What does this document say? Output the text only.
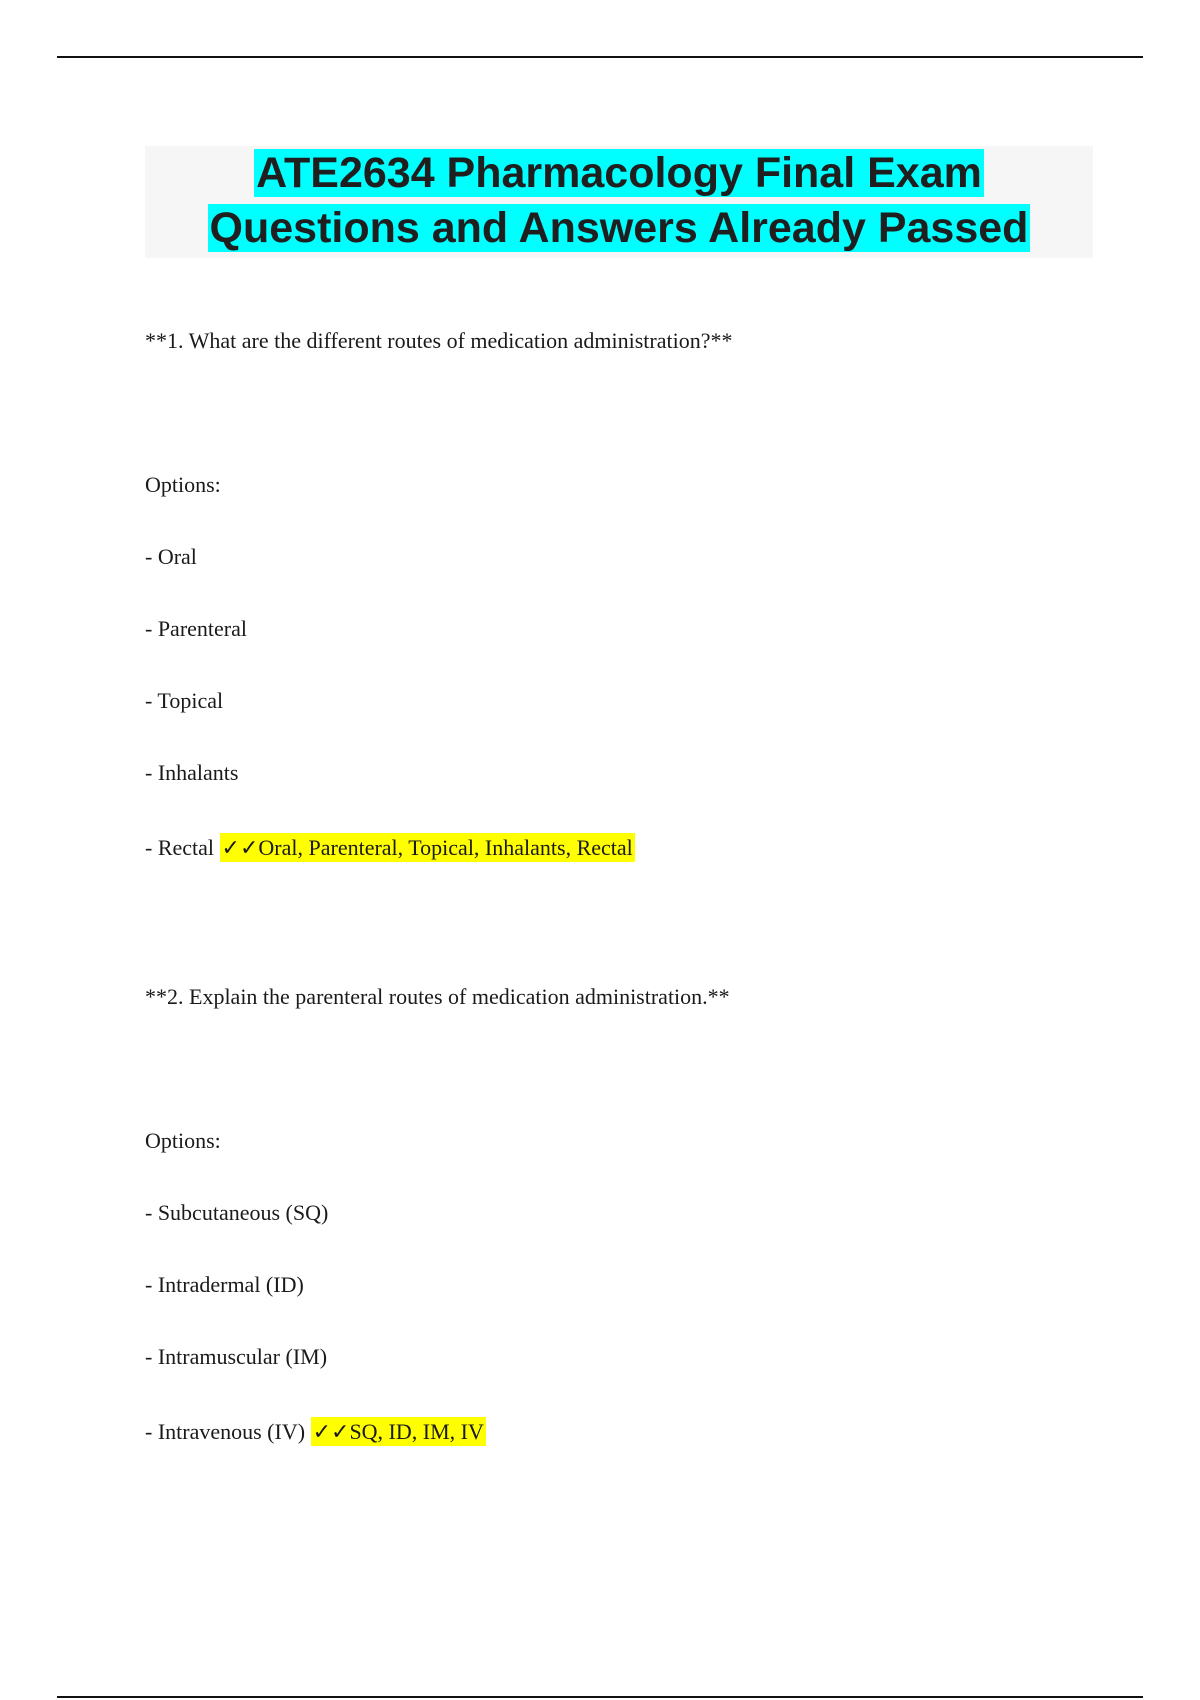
ATE2634 Pharmacology Final Exam
Questions and Answers Already Passed
**1. What are the different routes of medication administration?**
Options:
- Oral
- Parenteral
- Topical
- Inhalants
- Rectal ✓✓Oral, Parenteral, Topical, Inhalants, Rectal
**2. Explain the parenteral routes of medication administration.**
Options:
- Subcutaneous (SQ)
- Intradermal (ID)
- Intramuscular (IM)
- Intravenous (IV) ✓✓SQ, ID, IM, IV
